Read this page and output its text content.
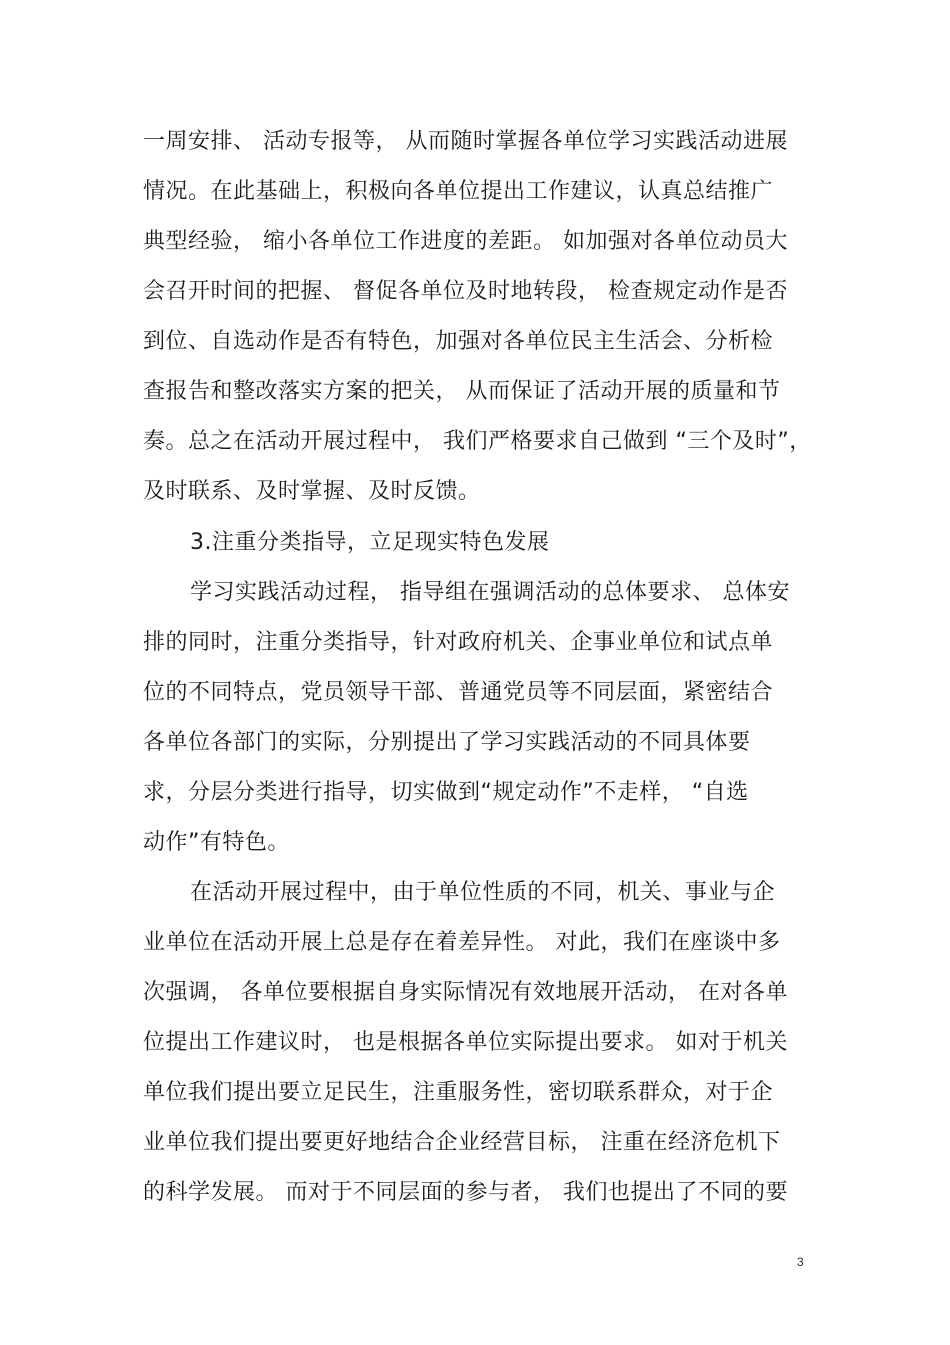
一周安排、 活动专报等， 从而随时掌握各单位学习实践活动进展
情况。在此基础上，积极向各单位提出工作建议，认真总结推广
典型经验， 缩小各单位工作进度的差距。 如加强对各单位动员大
会召开时间的把握、 督促各单位及时地转段， 检查规定动作是否
到位、自选动作是否有特色，加强对各单位民主生活会、分析检
查报告和整改落实方案的把关， 从而保证了活动开展的质量和节
奏。总之在活动开展过程中， 我们严格要求自己做到 “三个及时”，
及时联系、及时掌握、及时反馈。
3.注重分类指导，立足现实特色发展
学习实践活动过程， 指导组在强调活动的总体要求、 总体安
排的同时，注重分类指导，针对政府机关、企事业单位和试点单
位的不同特点，党员领导干部、普通党员等不同层面，紧密结合
各单位各部门的实际，分别提出了学习实践活动的不同具体要
求，分层分类进行指导，切实做到“规定动作”不走样， “自选
动作”有特色。
在活动开展过程中，由于单位性质的不同，机关、事业与企
业单位在活动开展上总是存在着差异性。 对此，我们在座谈中多
次强调， 各单位要根据自身实际情况有效地展开活动， 在对各单
位提出工作建议时， 也是根据各单位实际提出要求。 如对于机关
单位我们提出要立足民生，注重服务性，密切联系群众，对于企
业单位我们提出要更好地结合企业经营目标， 注重在经济危机下
的科学发展。 而对于不同层面的参与者， 我们也提出了不同的要
3
